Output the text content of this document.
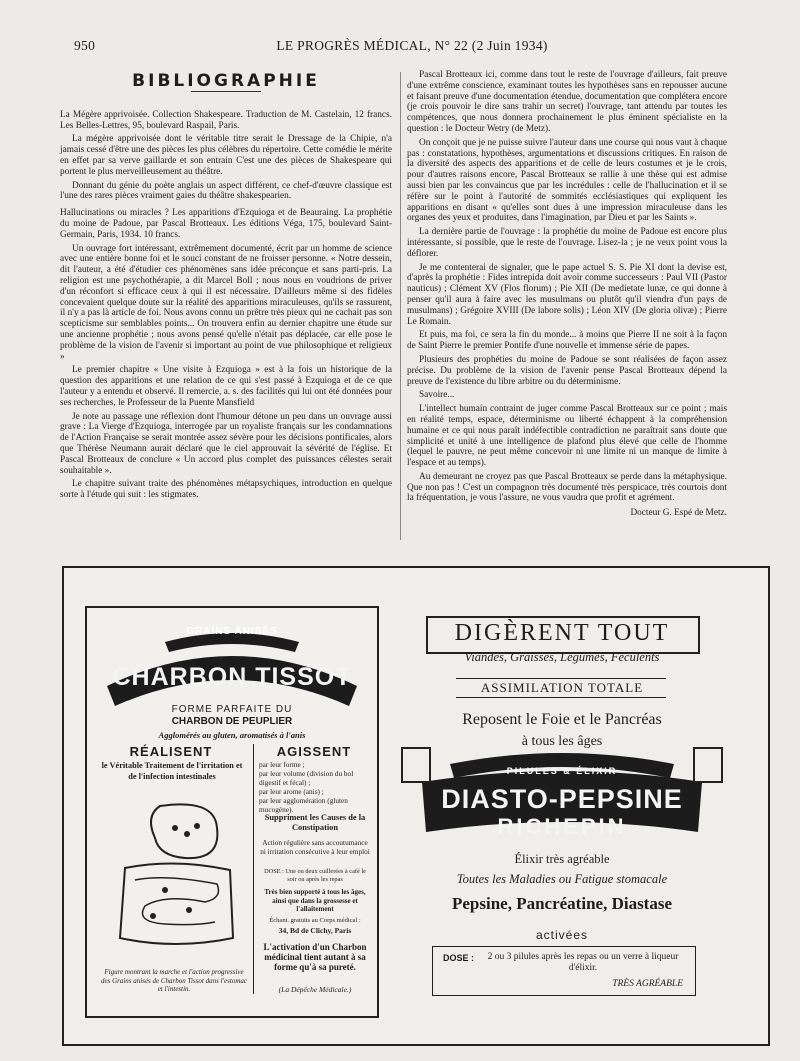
950	LE PROGRÈS MÉDICAL, N° 22 (2 Juin 1934)
BIBLIOGRAPHIE

La Mégère apprivoisée. Collection Shakespeare. Traduction de M. Castelain, 12 francs. Les Belles-Lettres, 95, boulevard Raspail, Paris.

La mégère apprivoisée dont le véritable titre serait le Dressage de la Chipie, n'a jamais cessé d'être une des pièces les plus célèbres du répertoire. Cette comédie le mérite en effet par sa verve gaillarde et son entrain C'est une des pièces de Shakespeare qui portent le plus merveilleusement au théâtre.

Donnant du génie du poète anglais un aspect différent, ce chef-d'œuvre classique est l'une des rares pièces vraiment gaies du théâtre shakespearien.

Hallucinations ou miracles ? Les apparitions d'Ezquioga et de Beauraing. La prophétie du moine de Padoue, par Pascal Brotteaux. Les éditions Véga, 175, boulevard Saint-Germain, Paris, 1934. 10 francs.

Un ouvrage fort intéressant, extrêmement documenté, écrit par un homme de science avec une entière bonne foi et le souci constant de ne froisser personne. « Notre dessein, dit l'auteur, a été d'étudier ces phénomènes sans idée préconçue et sans parti-pris. La religion est une psychothérapie, a dit Marcel Boll ; nous nous en voudrions de priver d'un réconfort si efficace ceux à qui il est nécessaire. D'ailleurs même si des fidèles concevaient quelque doute sur la réalité des apparitions miraculeuses, qu'ils se rassurent, il n'y a pas là article de foi. Nous avons connu un prêtre très pieux qui ne cachait pas son scepticisme sur semblables points... On trouvera enfin au dernier chapitre une étude sur une ancienne prophétie ; nous avons pensé qu'elle n'était pas déplacée, car elle pose le problème de la vision de l'avenir si important au point de vue philosophique et religieux »

Le premier chapitre « Une visite à Ezquioga » est à la fois un historique de la question des apparitions et une relation de ce qui s'est passé à Ezquioga et de ce que l'auteur y a entendu et observé. Il remercie, a. s. des facilités qui lui ont été données pour ses recherches, le Professeur de la Puente Mansfield

Je note au passage une réflexion dont l'humour détone un peu dans un ouvrage aussi grave : La Vierge d'Ezquioga, interrogée par un royaliste français sur les condamnations de l'Action Française se serait montrée assez sévère pour les décisions pontificales, alors que Thérèse Neumann aurait déclaré que le ciel approuvait la sévérité de l'église. Et Pascal Brotteaux de conclure « Un accord plus complet des puissances célestes serait souhaitable ».

Le chapitre suivant traite des phénomènes métapsychiques, introduction en quelque sorte à l'étude qui suit : les stigmates.

Pascal Brotteaux ici, comme dans tout le reste de l'ouvrage d'ailleurs, fait preuve d'une extrême conscience, examinant toutes les hypothèses sans en repousser aucune et faisant preuve d'une documentation étendue, documentation que complétera encore (je crois pouvoir le dire sans trahir un secret) l'ouvrage, tant attendu par toutes les compétences, que nous donnera prochainement le plus éminent spécialiste en la question : le Docteur Wetry (de Metz).

On conçoit que je ne puisse suivre l'auteur dans une course qui nous vaut à chaque pas : constatations, hypothèses, argumentations et discussions critiques. En raison de la diversité des aspects des apparitions et de celle de leurs costumes et je le crois, pour d'autres raisons encore, Pascal Brotteaux se rallie à une thèse qui est admise aussi bien par les convaincus que par les incrédules : celle de l'hallucination et il se réfère sur le point à l'autorité de sommités ecclésiastiques qui expliquent les apparitions en disant « qu'elles sont dues à une impression miraculeuse dans les organes des yeux et produites, dans l'imagination, par Dieu et par les Saints ».

La dernière partie de l'ouvrage : la prophétie du moine de Padoue est encore plus intéressante, si possible, que le reste de l'ouvrage. Lisez-la ; je ne veux point vous la déflorer.

Je me contenterai de signaler, que le pape actuel S. S. Pie XI dont la devise est, d'après la prophétie : Fides intrepida doit avoir comme successeurs : Paul VII (Pastor nauticus) ; Clément XV (Flos florum) ; Pie XII (De medietate lunæ, ce qui donne à penser qu'il aura à faire avec les musulmans ou plutôt qu'il viendra d'un pays de musulmans) ; Grégoire XVIII (De labore solis) ; Léon XIV (De gloria olivæ) ; Pierre Le Romain.

Et puis, ma foi, ce sera la fin du monde... à moins que Pierre II ne soit à la façon de Saint Pierre le premier Pontife d'une nouvelle et immense série de papes.

Plusieurs des prophéties du moine de Padoue se sont réalisées de façon assez précise. Du problème de la vision de l'avenir pense Pascal Brotteaux dépend la preuve de l'existence du libre arbitre ou du déterminisme.

Savoire...

L'intellect humain contraint de juger comme Pascal Brotteaux sur ce point ; mais en réalité temps, espace, déterminisme ou liberté échappent à la compréhension humaine et ce qui nous paraît indéfectible contradiction ne paraîtrait sans doute que simplicité et unité à une intelligence de plafond plus élevé que celle de l'homme (lequel le pauvre, ne peut même concevoir ni une limite ni un manque de limite à l'espace et au temps).

Au demeurant ne croyez pas que Pascal Brotteaux se perde dans la métaphysique. Que non pas ! C'est un compagnon très documenté très perspicace, très courtois dont la fréquentation, je vous l'assure, ne vous vaudra que profit et agrément.

Docteur G. Espé de Metz.
GRAINS ANISÉS
CHARBON TISSOT
FORME PARFAITE DU
CHARBON DE PEUPLIER
Agglomérés au gluten, aromatisés à l'anis
RÉALISENT
le Véritable Traitement de l'irritation et de l'infection intestinales
AGISSENT
par leur forme ;
par leur volume (division du bol digestif et fécal) ;
par leur arome (anis) ;
par leur agglomération (gluten mucogène).
Suppriment les Causes de la Constipation
Action régulière sans accoutumance ni irritation consécutive à leur emploi
DOSE : Une ou deux cuillerées à café le soir ou après les repas
Très bien supporté à tous les âges, ainsi que dans la grossesse et l'allaitement
Échant. gratuits au Corps médical :
34, Bd de Clichy, Paris
L'activation d'un Charbon médicinal tient autant à sa forme qu'à sa pureté.
(La Dépêche Médicale.)
Figure montrant la marche et l'action progressive des Grains anisés de Charbon Tissot dans l'estomac et l'intestin.
DIGÈRENT TOUT
Viandes, Graisses, Légumes, Féculents
ASSIMILATION TOTALE
Reposent le Foie et le Pancréas
à tous les âges
PILULES & ÉLIXIR
DIASTO-PEPSINE
RICHEPIN
Élixir très agréable
Toutes les Maladies ou Fatigue stomacale
Pepsine, Pancréatine, Diastase
activées
DOSE :	2 ou 3 pilules après les repas ou un verre à liqueur d'élixir.
TRÈS AGRÉABLE
